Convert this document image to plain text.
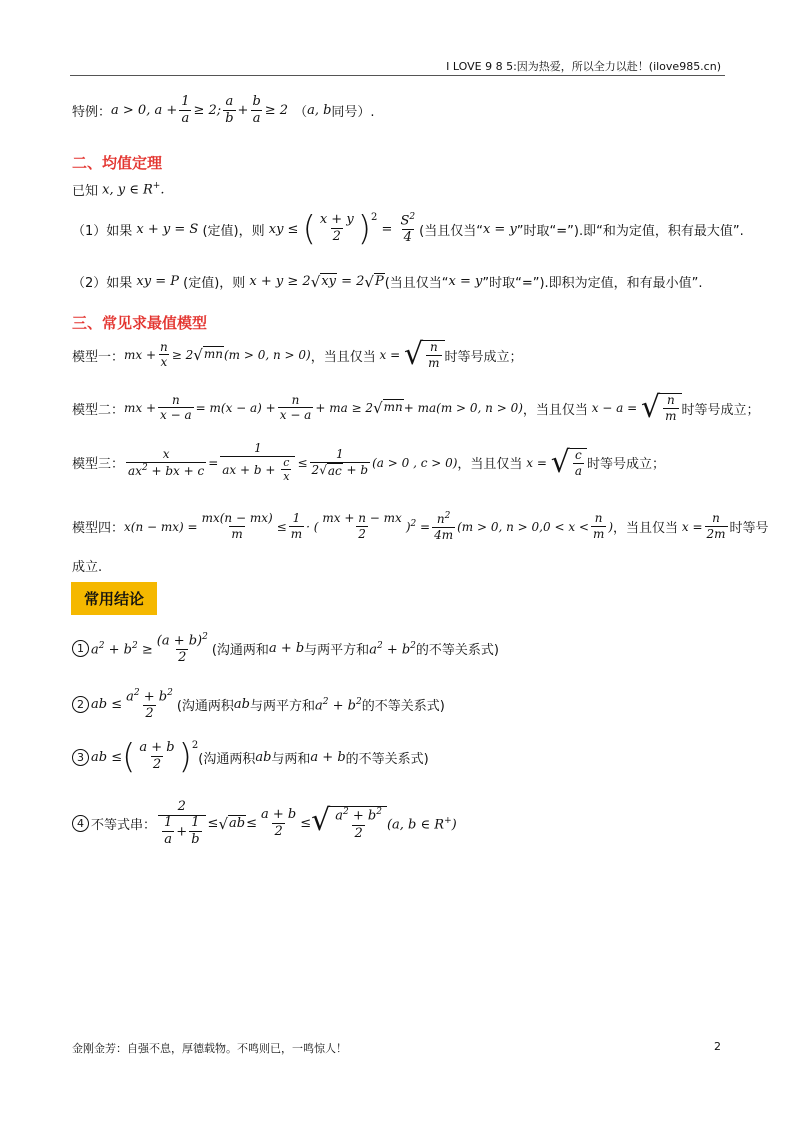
I LOVE 9 8 5:因为热爱，所以全力以赴！(ilove985.cn)
特例： a > 0, $a + \frac{1}{a} \ge 2$; $\frac{a}{b} + \frac{b}{a} \ge 2$ （ a, b 同号）.
二、均值定理
已知 x, y ∈ R+.
（1）如果 x + y = S (定值)，则 xy ≤ ( $\frac{x + y}{2}$ ) 2
= $\frac{S^2}{4}$ (当且仅当“ x = y ”时取“=”).即“和为定值，积有最大值”.
（2）如果 xy = P (定值)，则 x + y ≥ 2 √ xy = 2 √ P (当且仅当“ x = y ”时取“=”).即积为定值，和有最小值”.
三、常见求最值模型
模型一： mx + $\frac{n}{x} \ge 2$ √ mn (m > 0, n > 0) ，当且仅当 x = √ $\frac{n}{m}$ 时等号成立；
模型二： mx + $\frac{n}{x - a} = m(x - a) + \frac{n}{x - a}$ + ma ≥ 2 √ mn + ma(m > 0, n > 0) ，当且仅当 x − a = √ $\frac{n}{m}$ 时等号成立；
模型三： $\frac{x}{ax^2 + bx + c} = \frac{1}{ax + b + \frac{c}{x}} \le \frac{1}{2 √ ac + b} (a > 0$ , c > 0) ，当且仅当 x = √ $\frac{c}{a}$ 时等号成立；
模型四： $x(n - mx) = \frac{mx(n - mx)}{m} \le \frac{1}{m}$ · ( $\frac{mx + n - mx}{2} )^2 = \frac{n^2}{4m} (m > 0$, $n > 0,0 < x < \frac{n}{m}$ ) ，当且仅当 $x = \frac{n}{2m}$ 时等号
成立.
常用结论
1 $a^2 + b^2 \ge \frac{(a + b)^2}{2}$ (沟通两和 a + b 与两平方和 $a^2 + b^2$ 的不等关系式)
2 ab ≤ $\frac{a^2 + b^2}{2}$ (沟通两积 ab 与两平方和 $a^2 + b^2$ 的不等关系式)
3 ab ≤ ( $\frac{a + b}{2}$ ) 2
(沟通两积 ab 与两和 a + b 的不等关系式)
4 不等式串： $\frac{2}{\frac{1}{a} + \frac{1}{b}}$ ≤ √ ab ≤ $\frac{a + b}{2}$ ≤ √ $\frac{a^2 + b^2}{2} (a$, b ∈ R+)
金刚金芳：自强不息，厚德载物。不鸣则已，一鸣惊人！	2
